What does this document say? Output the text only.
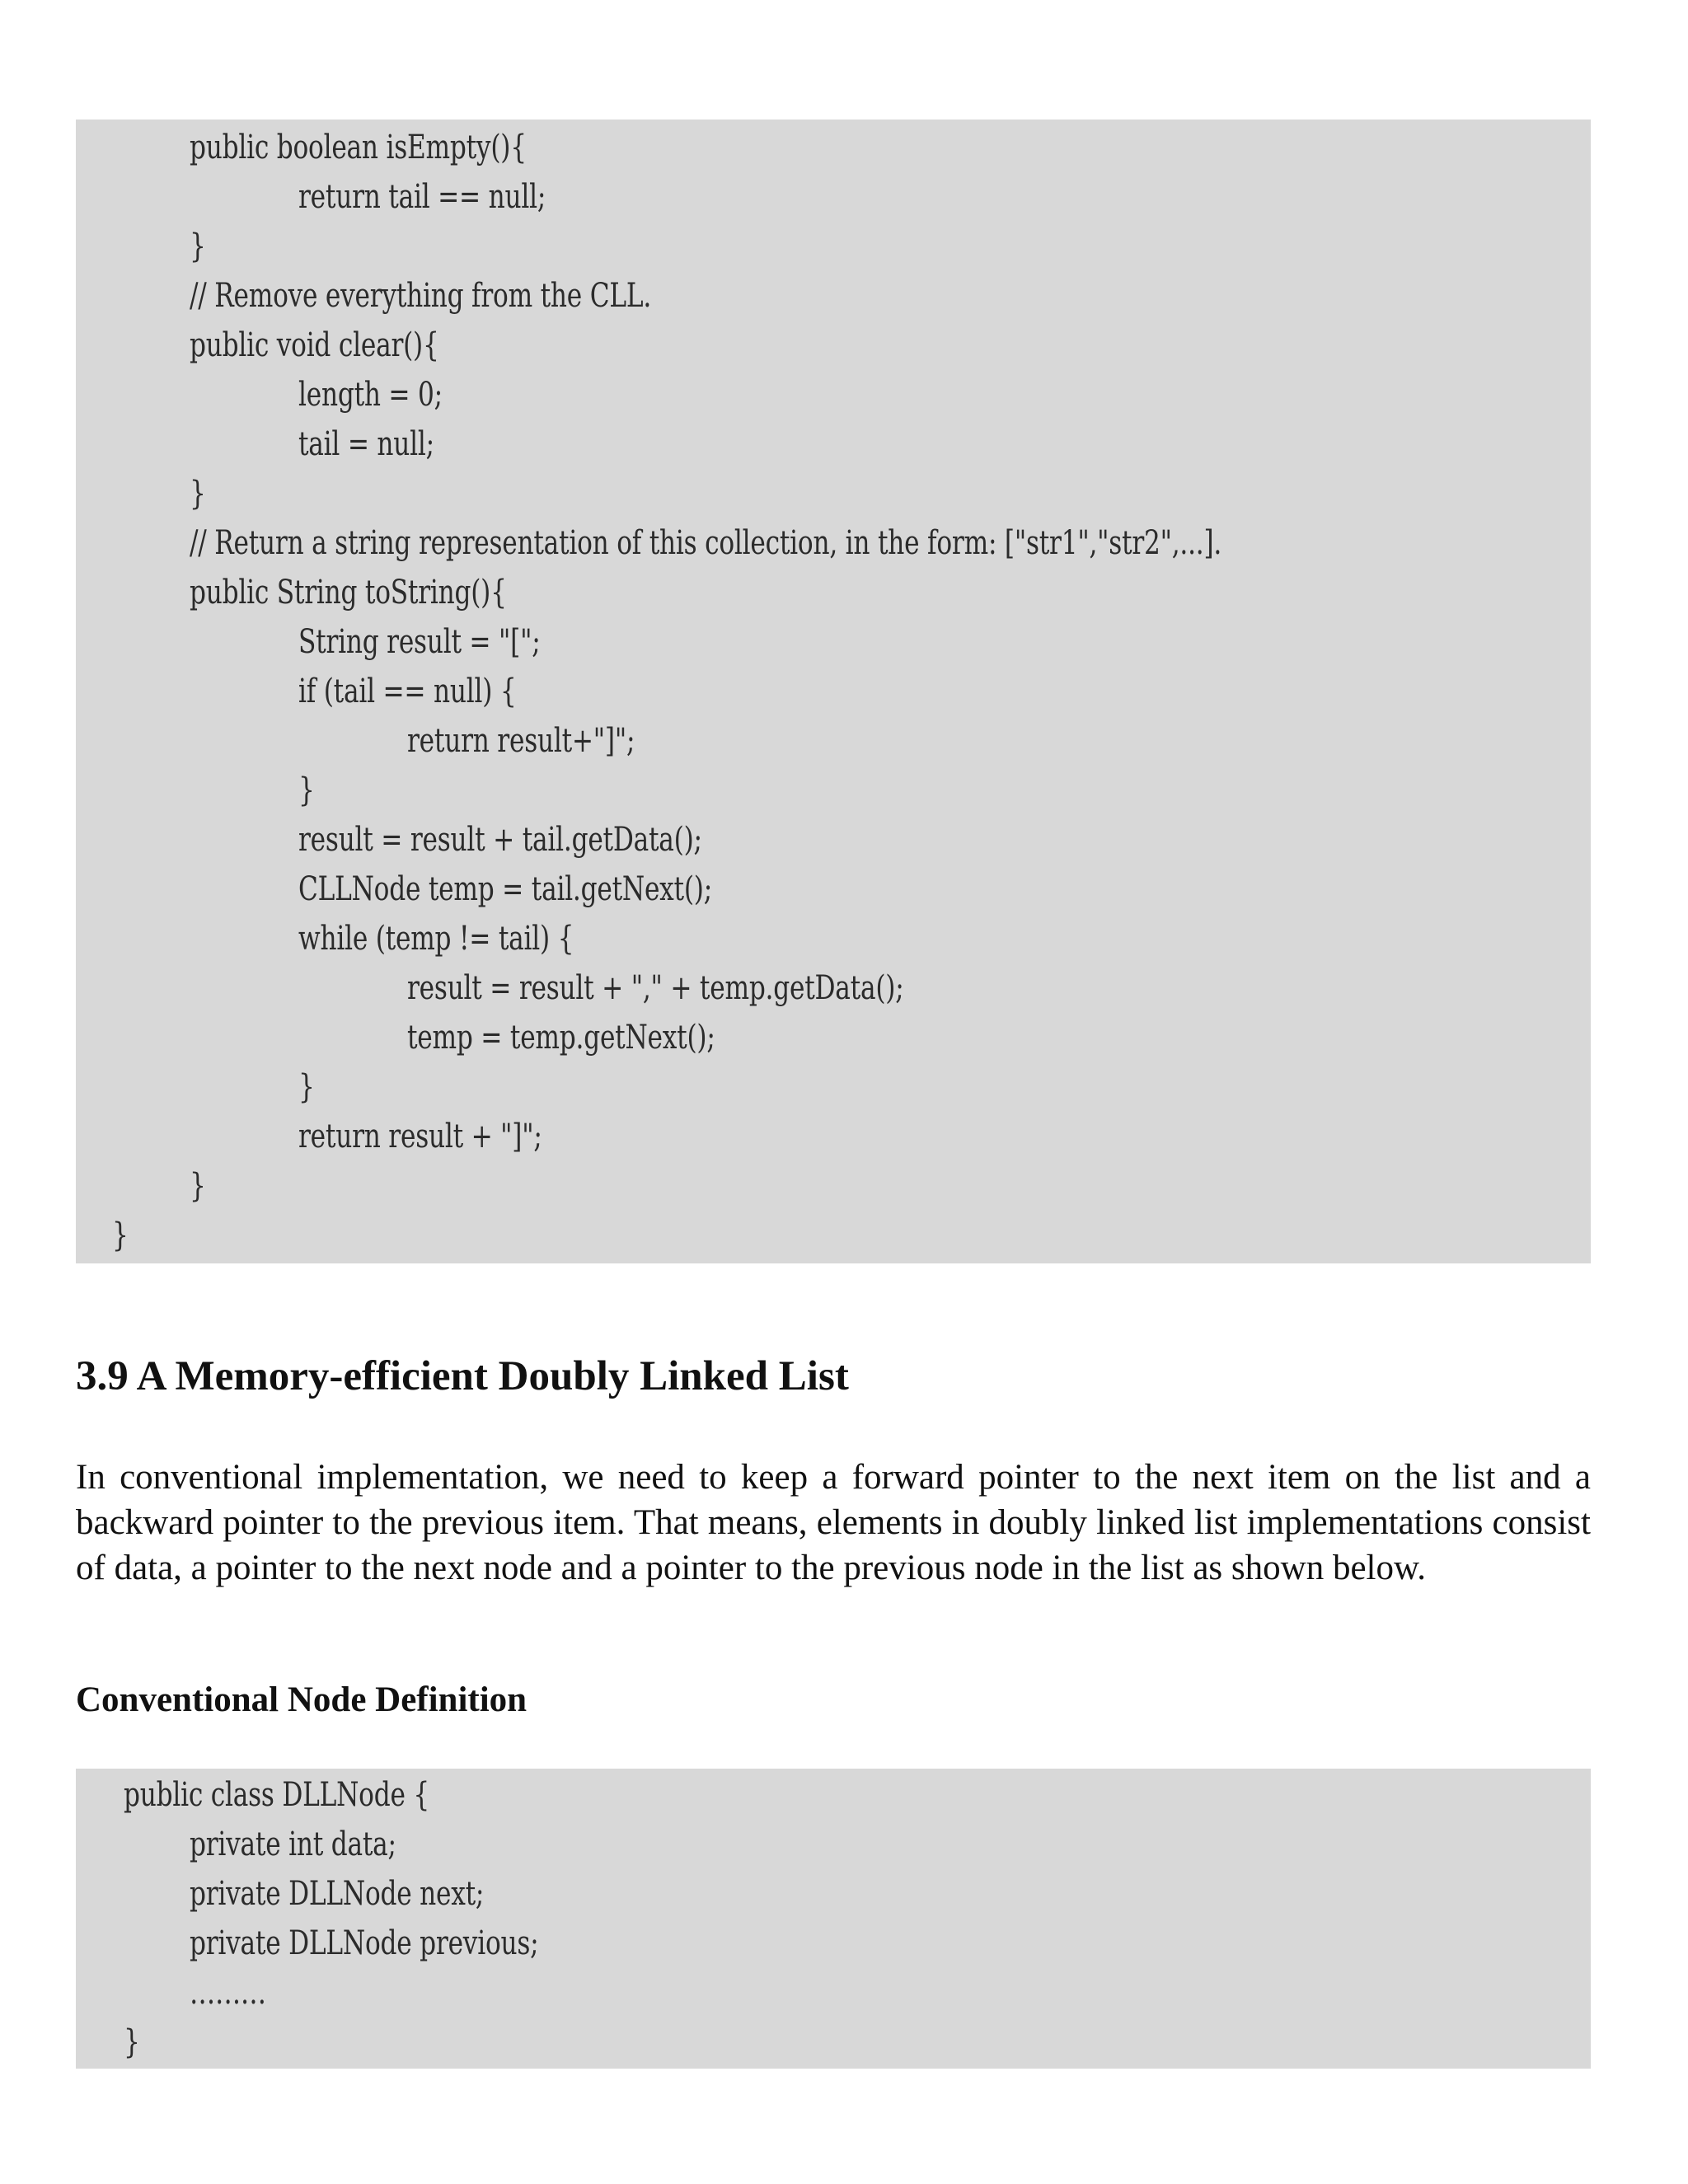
public boolean isEmpty(){
return tail == null;
}
// Remove everything from the CLL.
public void clear(){
length = 0;
tail = null;
}
// Return a string representation of this collection, in the form: ["str1","str2",...].
public String toString(){
String result = "[";
if (tail == null) {
return result+"]";
}
result = result + tail.getData();
CLLNode temp = tail.getNext();
while (temp != tail) {
result = result + "," + temp.getData();
temp = temp.getNext();
}
return result + "]";
}
}
3.9 A Memory-efficient Doubly Linked List

In conventional implementation, we need to keep a forward pointer to the next item on the list and a backward pointer to the previous item. That means, elements in doubly linked list implementations consist of data, a pointer to the next node and a pointer to the previous node in the list as shown below.

Conventional Node Definition
public class DLLNode {
private int data;
private DLLNode next;
private DLLNode previous;
………
}
